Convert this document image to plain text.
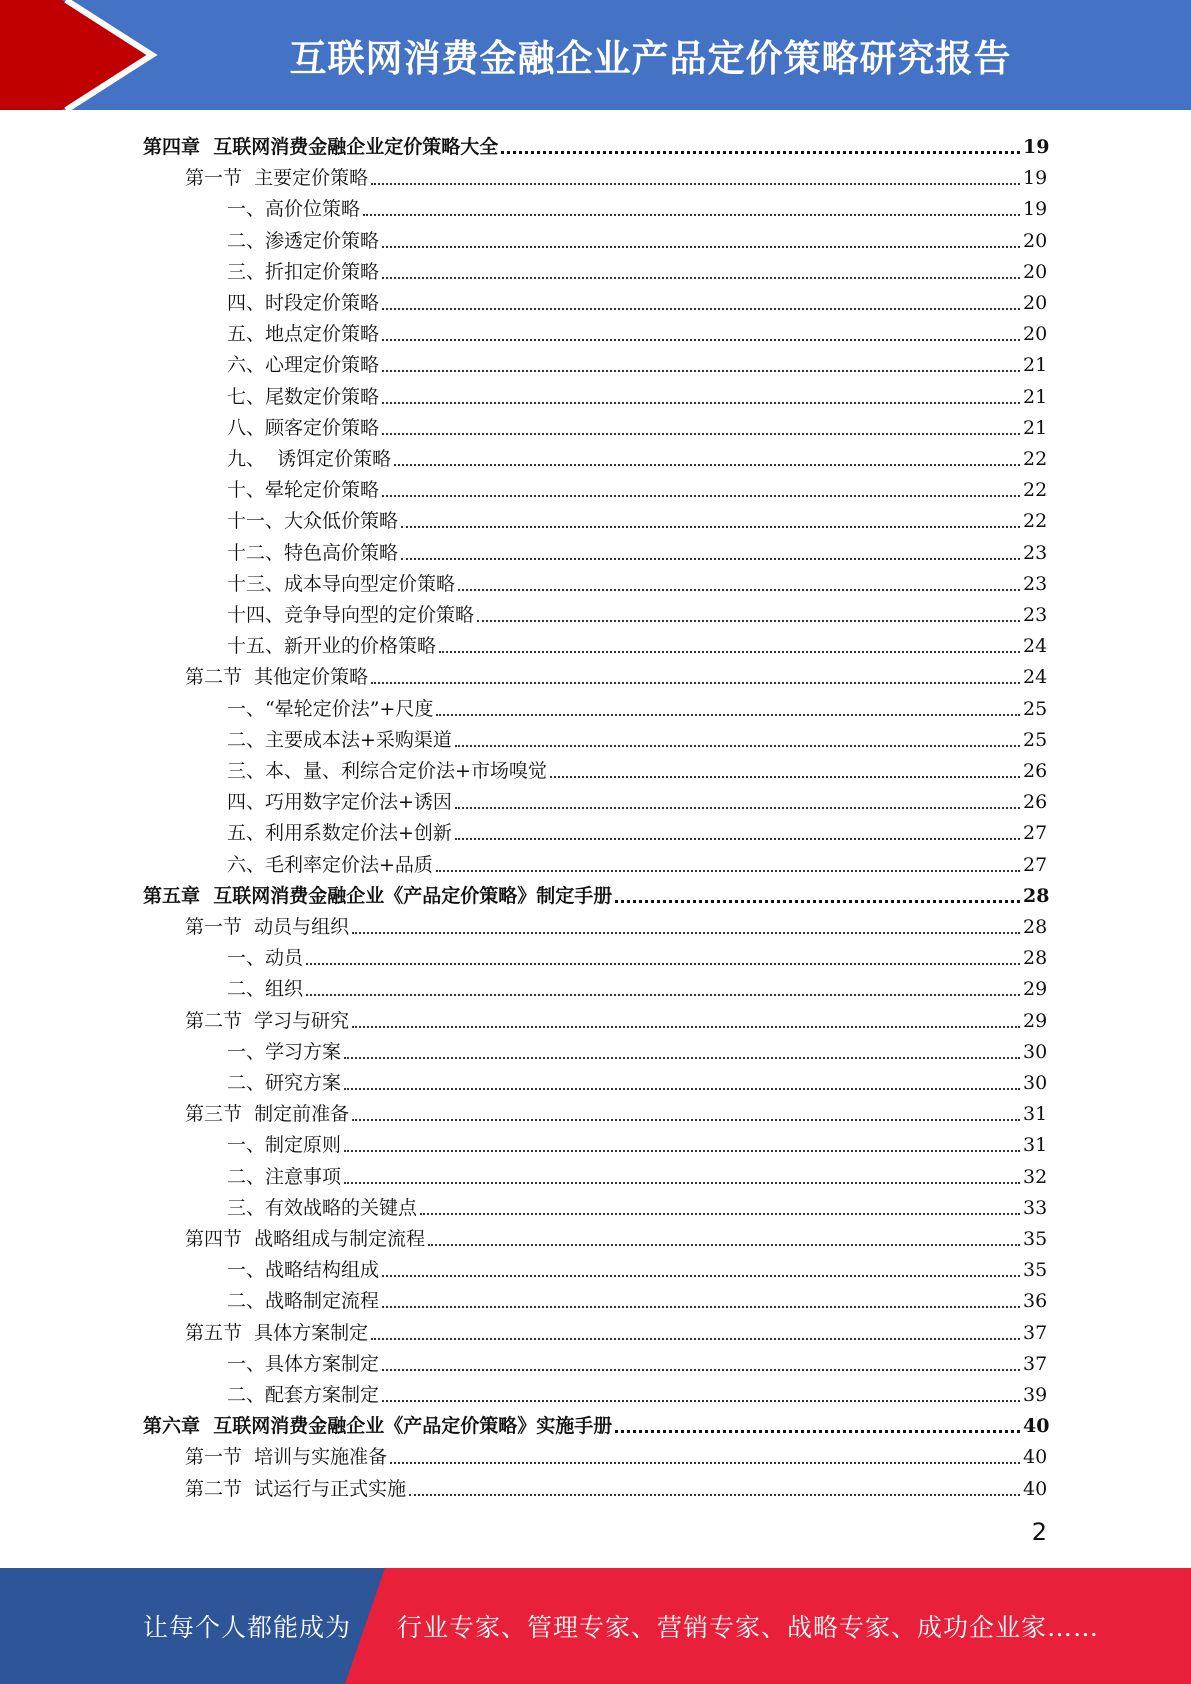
互联网消费金融企业产品定价策略研究报告
第四章  互联网消费金融企业定价策略大全	19
第一节  主要定价策略	19
一、高价位策略	19
二、渗透定价策略	20
三、折扣定价策略	20
四、时段定价策略	20
五、地点定价策略	20
六、心理定价策略	21
七、尾数定价策略	21
八、顾客定价策略	21
九、  诱饵定价策略	22
十、晕轮定价策略	22
十一、大众低价策略	22
十二、特色高价策略	23
十三、成本导向型定价策略	23
十四、竞争导向型的定价策略	23
十五、新开业的价格策略	24
第二节  其他定价策略	24
一、“晕轮定价法”+尺度	25
二、主要成本法+采购渠道	25
三、本、量、利综合定价法+市场嗅觉	26
四、巧用数字定价法+诱因	26
五、利用系数定价法+创新	27
六、毛利率定价法+品质	27
第五章  互联网消费金融企业《产品定价策略》制定手册	28
第一节  动员与组织	28
一、动员	28
二、组织	29
第二节  学习与研究	29
一、学习方案	30
二、研究方案	30
第三节  制定前准备	31
一、制定原则	31
二、注意事项	32
三、有效战略的关键点	33
第四节  战略组成与制定流程	35
一、战略结构组成	35
二、战略制定流程	36
第五节  具体方案制定	37
一、具体方案制定	37
二、配套方案制定	39
第六章  互联网消费金融企业《产品定价策略》实施手册	40
第一节  培训与实施准备	40
第二节  试运行与正式实施	40
2
让每个人都能成为 行业专家、管理专家、营销专家、战略专家、成功企业家……
